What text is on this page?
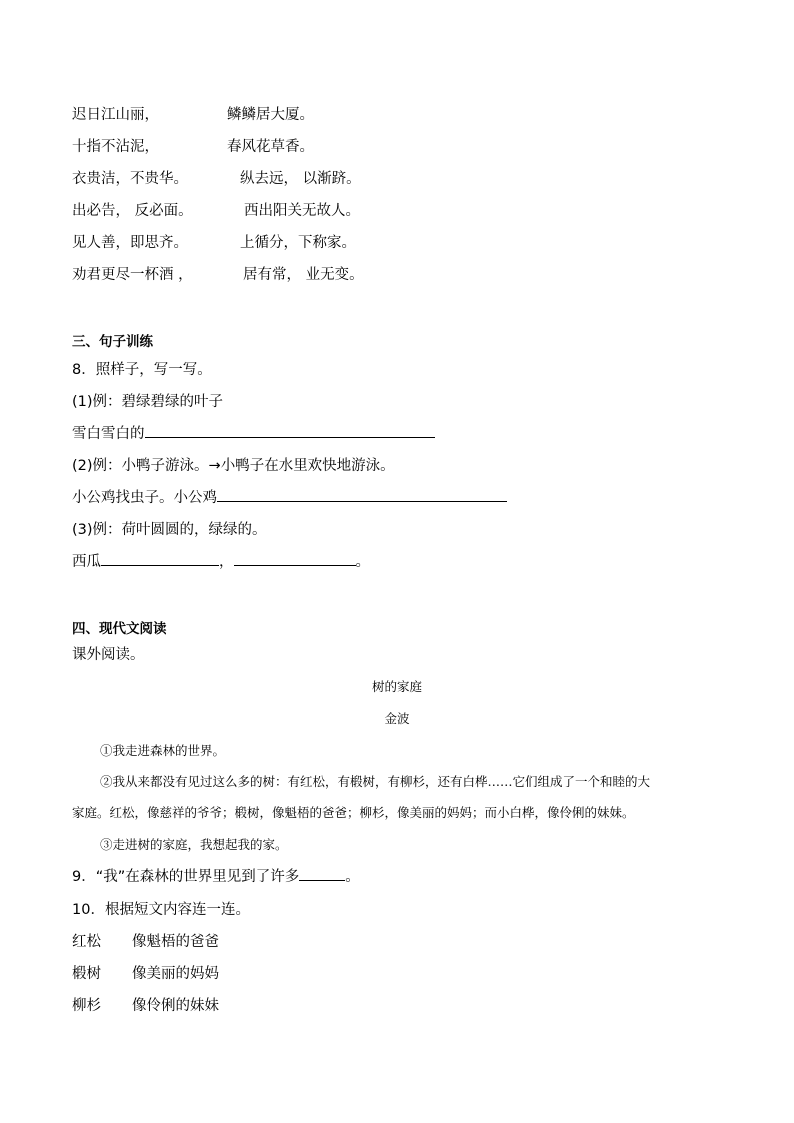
迟日江山丽，	鳞鳞居大厦。
十指不沾泥，	春风花草香。
衣贵洁，不贵华。	纵去远， 以渐跻。
出必告， 反必面。	西出阳关无故人。
见人善，即思齐。	上循分，下称家。
劝君更尽一杯酒 ，	居有常， 业无变。
三、句子训练
8．照样子，写一写。
(1)例：碧绿碧绿的叶子
雪白雪白的
(2)例：小鸭子游泳。→小鸭子在水里欢快地游泳。
小公鸡找虫子。小公鸡
(3)例：荷叶圆圆的，绿绿的。
西瓜	，	。
四、现代文阅读
课外阅读。
树的家庭
金波
①我走进森林的世界。
②我从来都没有见过这么多的树：有红松，有椴树，有柳杉，还有白桦……它们组成了一个和睦的大
家庭。红松，像慈祥的爷爷；椴树，像魁梧的爸爸；柳杉，像美丽的妈妈；而小白桦，像伶俐的妹妹。
③走进树的家庭，我想起我的家。
9．“我”在森林的世界里见到了许多	。
10．根据短文内容连一连。
红松 像魁梧的爸爸
椴树 像美丽的妈妈
柳杉 像伶俐的妹妹
